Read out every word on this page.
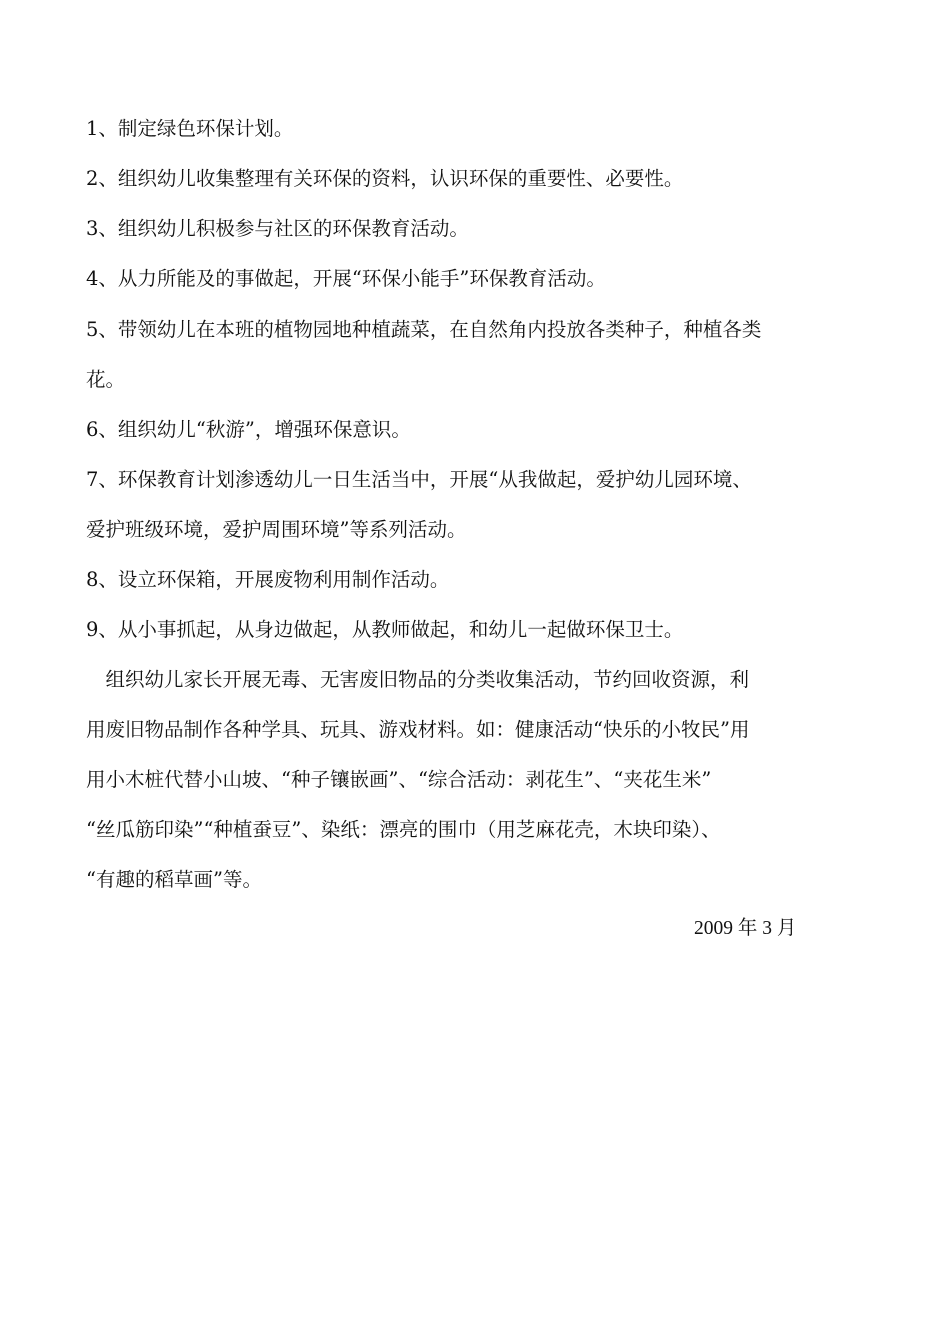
1、制定绿色环保计划。
2、组织幼儿收集整理有关环保的资料，认识环保的重要性、必要性。
3、组织幼儿积极参与社区的环保教育活动。
4、从力所能及的事做起，开展“环保小能手”环保教育活动。
5、带领幼儿在本班的植物园地种植蔬菜，在自然角内投放各类种子，种植各类
花。
6、组织幼儿“秋游”，增强环保意识。
7、环保教育计划渗透幼儿一日生活当中，开展“从我做起，爱护幼儿园环境、
爱护班级环境，爱护周围环境”等系列活动。
8、设立环保箱，开展废物利用制作活动。
9、从小事抓起，从身边做起，从教师做起，和幼儿一起做环保卫士。
　组织幼儿家长开展无毒、无害废旧物品的分类收集活动，节约回收资源，利
用废旧物品制作各种学具、玩具、游戏材料。如：健康活动“快乐的小牧民”用
用小木桩代替小山坡、“种子镶嵌画”、“综合活动：剥花生”、“夹花生米”
“丝瓜筋印染”“种植蚕豆”、染纸：漂亮的围巾（用芝麻花壳，木块印染）、
“有趣的稻草画”等。
2009 年 3 月
